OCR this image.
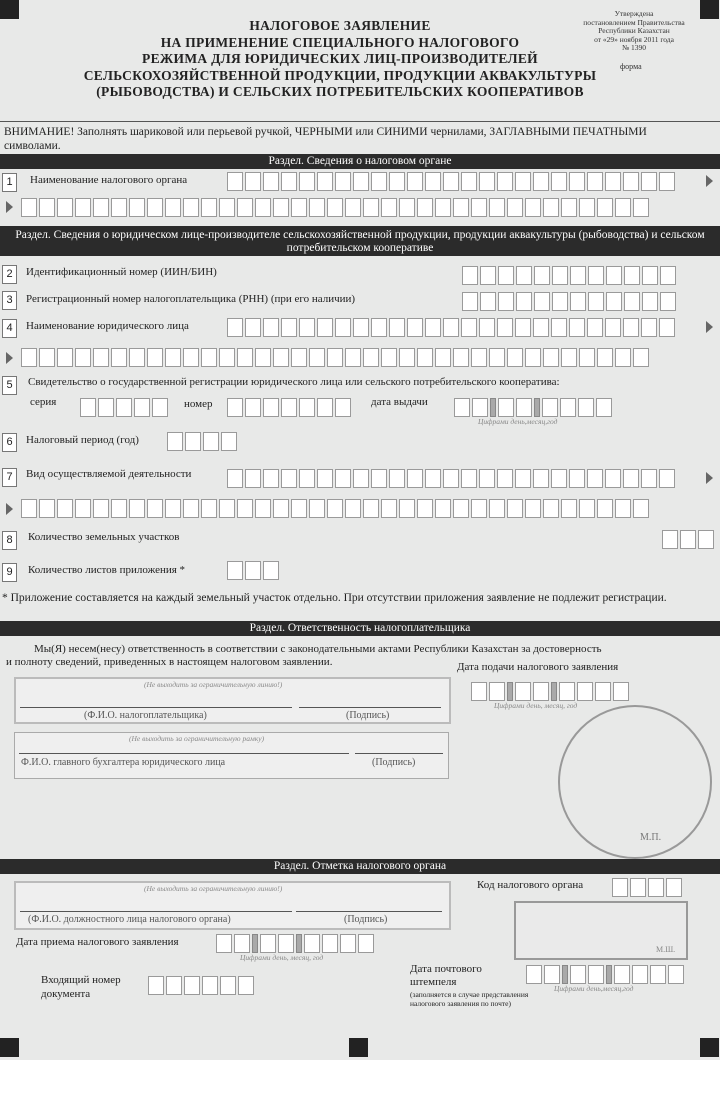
НАЛОГОВОЕ ЗАЯВЛЕНИЕ
НА ПРИМЕНЕНИЕ СПЕЦИАЛЬНОГО НАЛОГОВОГО
РЕЖИМА ДЛЯ ЮРИДИЧЕСКИХ ЛИЦ-ПРОИЗВОДИТЕЛЕЙ
СЕЛЬСКОХОЗЯЙСТВЕННОЙ ПРОДУКЦИИ, ПРОДУКЦИИ АКВАКУЛЬТУРЫ
(РЫБОВОДСТВА) И СЕЛЬСКИХ ПОТРЕБИТЕЛЬСКИХ КООПЕРАТИВОВ
Утверждена
постановлением Правительства
Республики Казахстан
от «29» ноября 2011 года
№ 1390
форма
ВНИМАНИЕ! Заполнять шариковой или перьевой ручкой, ЧЕРНЫМИ или СИНИМИ чернилами, ЗАГЛАВНЫМИ ПЕЧАТНЫМИ символами.
Раздел. Сведения о налоговом органе
1	Наименование налогового органа
Раздел. Сведения о юридическом лице-производителе сельскохозяйственной продукции, продукции аквакультуры (рыбоводства) и сельском потребительском кооперативе
2	Идентификационный номер (ИИН/БИН)
3	Регистрационный номер налогоплательщика (РНН) (при его наличии)
4	Наименование юридического лица
5	Свидетельство о государственной регистрации юридического лица или сельского потребительского кооператива:
серия	номер	дата выдачи
Цифрами день,месяц,год
6	Налоговый период (год)
7	Вид осуществляемой деятельности
8	Количество земельных участков
9	Количество листов приложения *
* Приложение составляется на каждый земельный участок отдельно. При отсутствии приложения заявление не подлежит регистрации.
Раздел. Ответственность налогоплательщика
Мы(Я) несем(несу) ответственность в соответствии с законодательными актами Республики Казахстан за достоверность
и полноту сведений, приведенных в настоящем налоговом заявлении.	Дата подачи налогового заявления
Цифрами день, месяц, год
(Не выходить за ограничительную линию!)
(Ф.И.О. налогоплательщика)	(Подпись)
(Не выходить за ограничительную рамку)
Ф.И.О. главного бухгалтера юридического лица	(Подпись)
М.П.
Раздел. Отметка налогового органа
(Не выходить за ограничительную линию!)
(Ф.И.О. должностного лица налогового органа)	(Подпись)
Код налогового органа
М.Ш.
Дата приема налогового заявления
Цифрами день, месяц, год
Входящий номер
документа
Дата почтового
штемпеля
(заполняется в случае представления
налогового заявления по почте)
Цифрами день,месяц,год
